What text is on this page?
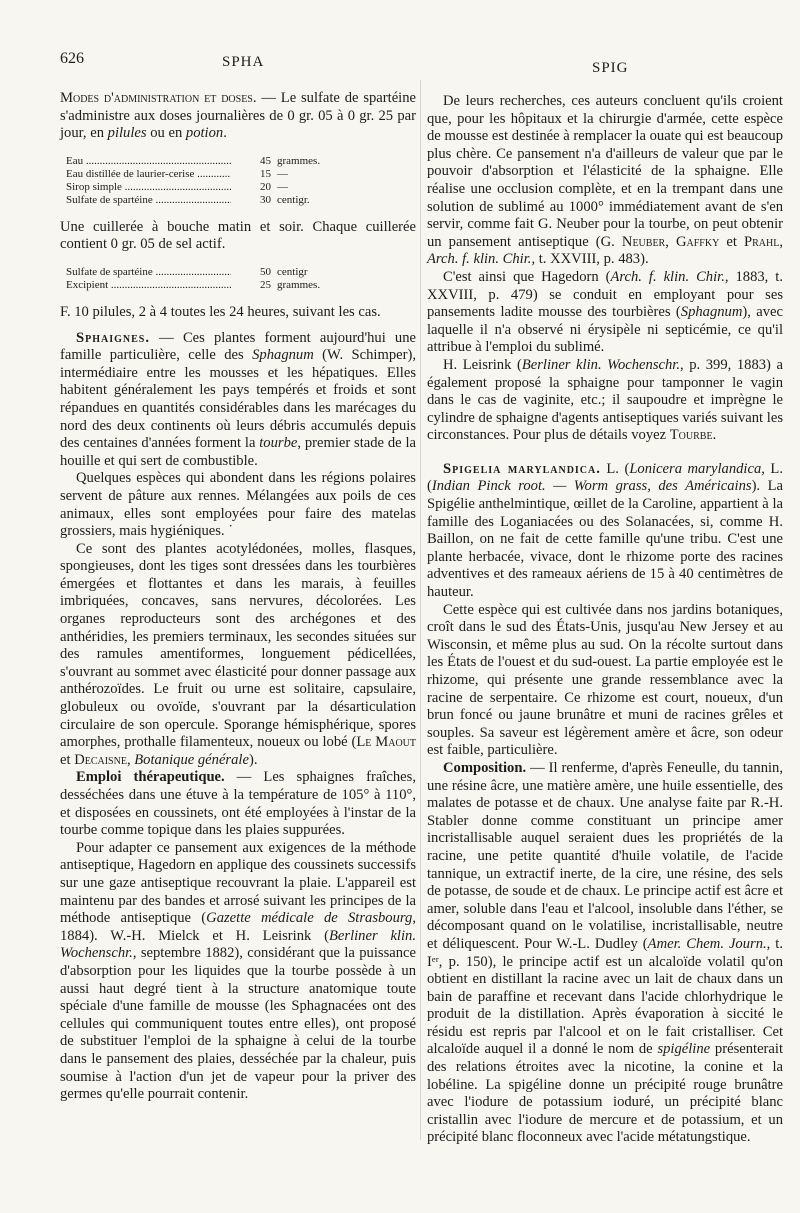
626	SPHA	SPIG

Modes d'administration et doses. — Le sulfate de spartéine s'administre aux doses journalières de 0 gr. 05 à 0 gr. 25 par jour, en pilules ou en potion.

Eau .....	45 grammes.
Eau distillée de laurier-cerise .....	15 —
Sirop simple .....	20 —
Sulfate de spartéine .....	30 centigr.

Une cuillerée à bouche matin et soir. Chaque cuillerée contient 0 gr. 05 de sel actif.

Sulfate de spartéine .....	50 centigr
Excipient .....	25 grammes.

F. 10 pilules, 2 à 4 toutes les 24 heures, suivant les cas.

Sphaignes. — Ces plantes forment aujourd'hui une famille particulière, celle des Sphagnum (W. Schimper), intermédiaire entre les mousses et les hépatiques. Elles habitent généralement les pays tempérés et froids et sont répandues en quantités considérables dans les marécages du nord des deux continents où leurs débris accumulés depuis des centaines d'années forment la tourbe, premier stade de la houille et qui sert de combustible.

Quelques espèces qui abondent dans les régions polaires servent de pâture aux rennes. Mélangées aux poils de ces animaux, elles sont employées pour faire des matelas grossiers, mais hygiéniques. ˙

Ce sont des plantes acotylédonées, molles, flasques, spongieuses, dont les tiges sont dressées dans les tourbières émergées et flottantes et dans les marais, à feuilles imbriquées, concaves, sans nervures, décolorées. Les organes reproducteurs sont des archégones et des anthéridies, les premiers terminaux, les secondes situées sur des ramules amentiformes, longuement pédicellées, s'ouvrant au sommet avec élasticité pour donner passage aux anthérozoïdes. Le fruit ou urne est solitaire, capsulaire, globuleux ou ovoïde, s'ouvrant par la désarticulation circulaire de son opercule. Sporange hémisphérique, spores amorphes, prothalle filamenteux, noueux ou lobé (Le Maout et Decaisne, Botanique générale).

Emploi thérapeutique. — Les sphaignes fraîches, desséchées dans une étuve à la température de 105° à 110°, et disposées en coussinets, ont été employées à l'instar de la tourbe comme topique dans les plaies suppurées.

Pour adapter ce pansement aux exigences de la méthode antiseptique, Hagedorn en applique des coussinets successifs sur une gaze antiseptique recouvrant la plaie. L'appareil est maintenu par des bandes et arrosé suivant les principes de la méthode antiseptique (Gazette médicale de Strasbourg, 1884). W.-H. Mielck et H. Leisrink (Berliner klin. Wochenschr., septembre 1882), considérant que la puissance d'absorption pour les liquides que la tourbe possède à un aussi haut degré tient à la structure anatomique toute spéciale d'une famille de mousse (les Sphagnacées ont des cellules qui communiquent toutes entre elles), ont proposé de substituer l'emploi de la sphaigne à celui de la tourbe dans le pansement des plaies, desséchée par la chaleur, puis soumise à l'action d'un jet de vapeur pour la priver des germes qu'elle pourrait contenir.

De leurs recherches, ces auteurs concluent qu'ils croient que, pour les hôpitaux et la chirurgie d'armée, cette espèce de mousse est destinée à remplacer la ouate qui est beaucoup plus chère. Ce pansement n'a d'ailleurs de valeur que par le pouvoir d'absorption et l'élasticité de la sphaigne. Elle réalise une occlusion complète, et en la trempant dans une solution de sublimé au 1000° immédiatement avant de s'en servir, comme fait G. Neuber pour la tourbe, on peut obtenir un pansement antiseptique (G. Neuber, Gaffky et Prahl, Arch. f. klin. Chir., t. XXVIII, p. 483).

C'est ainsi que Hagedorn (Arch. f. klin. Chir., 1883, t. XXVIII, p. 479) se conduit en employant pour ses pansements ladite mousse des tourbières (Sphagnum), avec laquelle il n'a observé ni érysipèle ni septicémie, ce qu'il attribue à l'emploi du sublimé.

H. Leisrink (Berliner klin. Wochenschr., p. 399, 1883) a également proposé la sphaigne pour tamponner le vagin dans le cas de vaginite, etc.; il saupoudre et imprègne le cylindre de sphaigne d'agents antiseptiques variés suivant les circonstances. Pour plus de détails voyez Tourbe.

Spigelia marylandica. L. (Lonicera marylandica, L. (Indian Pinck root. — Worm grass, des Américains). La Spigélie anthelmintique, œillet de la Caroline, appartient à la famille des Loganiacées ou des Solanacées, si, comme H. Baillon, on ne fait de cette famille qu'une tribu. C'est une plante herbacée, vivace, dont le rhizome porte des racines adventives et des rameaux aériens de 15 à 40 centimètres de hauteur.

Cette espèce qui est cultivée dans nos jardins botaniques, croît dans le sud des États-Unis, jusqu'au New Jersey et au Wisconsin, et même plus au sud. On la récolte surtout dans les États de l'ouest et du sud-ouest. La partie employée est le rhizome, qui présente une grande ressemblance avec la racine de serpentaire. Ce rhizome est court, noueux, d'un brun foncé ou jaune brunâtre et muni de racines grêles et souples. Sa saveur est légèrement amère et âcre, son odeur est faible, particulière.

Composition. — Il renferme, d'après Feneulle, du tannin, une résine âcre, une matière amère, une huile essentielle, des malates de potasse et de chaux. Une analyse faite par R.-H. Stabler donne comme constituant un principe amer incristallisable auquel seraient dues les propriétés de la racine, une petite quantité d'huile volatile, de l'acide tannique, un extractif inerte, de la cire, une résine, des sels de potasse, de soude et de chaux. Le principe actif est âcre et amer, soluble dans l'eau et l'alcool, insoluble dans l'éther, se décomposant quand on le volatilise, incristallisable, neutre et déliquescent. Pour W.-L. Dudley (Amer. Chem. Journ., t. Iᵉʳ, p. 150), le principe actif est un alcaloïde volatil qu'on obtient en distillant la racine avec un lait de chaux dans un bain de paraffine et recevant dans l'acide chlorhydrique le produit de la distillation. Après évaporation à siccité le résidu est repris par l'alcool et on le fait cristalliser. Cet alcaloïde auquel il a donné le nom de spigéline présenterait des relations étroites avec la nicotine, la conine et la lobéline. La spigéline donne un précipité rouge brunâtre avec l'iodure de potassium ioduré, un précipité blanc cristallin avec l'iodure de mercure et de potassium, et un précipité blanc floconneux avec l'acide métatungstique.
